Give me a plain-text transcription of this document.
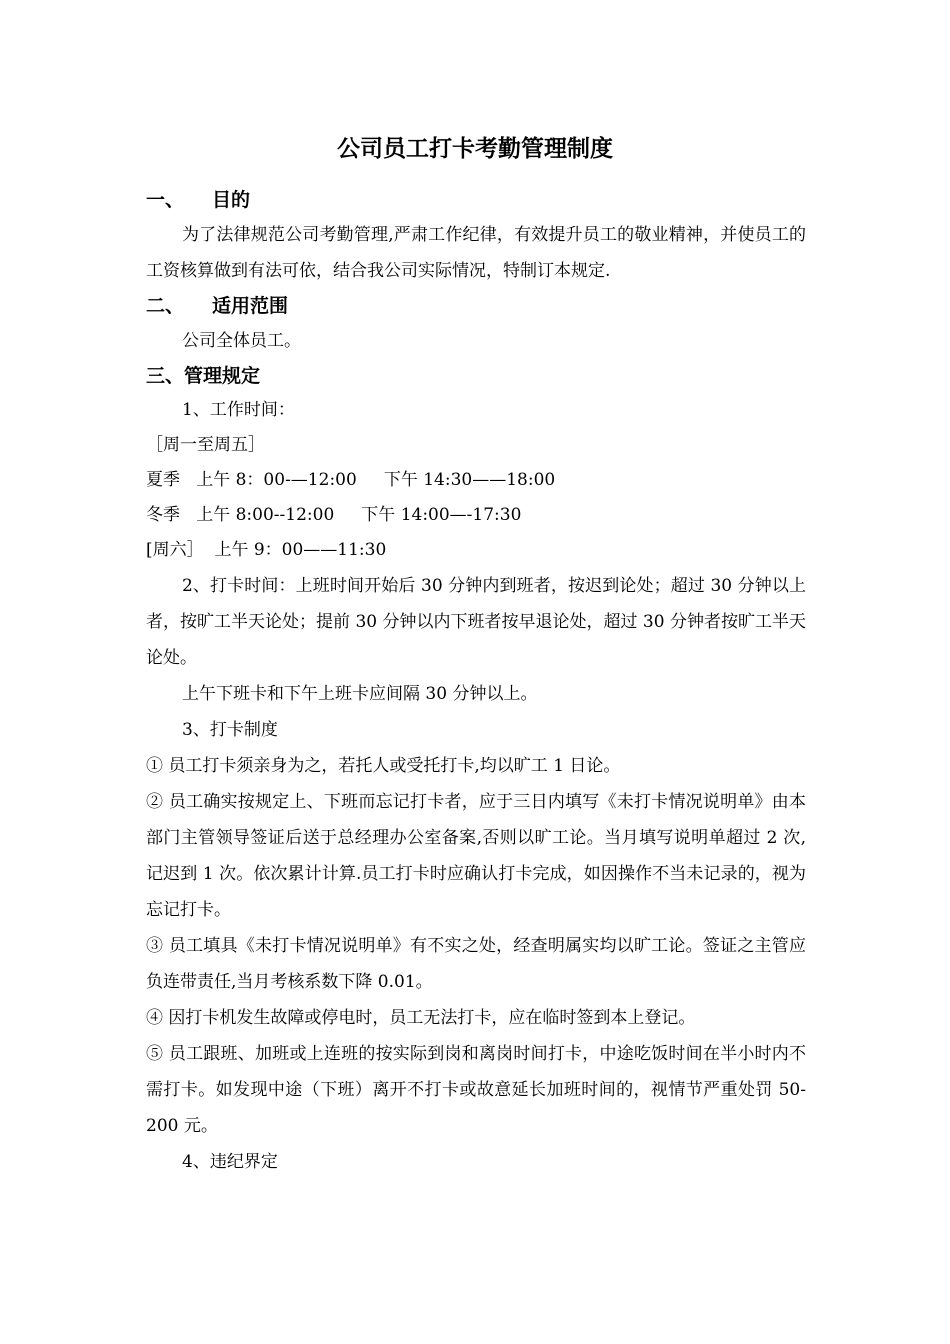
公司员工打卡考勤管理制度
一、 目的

为了法律规范公司考勤管理,严肃工作纪律，有效提升员工的敬业精神，并使员工的工资核算做到有法可依，结合我公司实际情况，特制订本规定.

二、 适用范围

公司全体员工。

三、管理规定

1、工作时间：

［周一至周五］

夏季   上午 8：00-—12:00     下午 14:30——18:00

冬季   上午 8:00--12:00     下午 14:00—-17:30

[周六］  上午 9：00——11:30

2、打卡时间：上班时间开始后 30 分钟内到班者，按迟到论处；超过 30 分钟以上者，按旷工半天论处；提前 30 分钟以内下班者按早退论处，超过 30 分钟者按旷工半天论处。

上午下班卡和下午上班卡应间隔 30 分钟以上。

3、打卡制度

① 员工打卡须亲身为之，若托人或受托打卡,均以旷工 1 日论。

② 员工确实按规定上、下班而忘记打卡者，应于三日内填写《未打卡情况说明单》由本部门主管领导签证后送于总经理办公室备案,否则以旷工论。当月填写说明单超过 2 次,记迟到 1 次。依次累计计算.员工打卡时应确认打卡完成，如因操作不当未记录的，视为忘记打卡。

③ 员工填具《未打卡情况说明单》有不实之处，经查明属实均以旷工论。签证之主管应负连带责任,当月考核系数下降 0.01。

④ 因打卡机发生故障或停电时，员工无法打卡，应在临时签到本上登记。

⑤ 员工跟班、加班或上连班的按实际到岗和离岗时间打卡，中途吃饭时间在半小时内不需打卡。如发现中途（下班）离开不打卡或故意延长加班时间的，视情节严重处罚 50-200 元。

4、违纪界定
